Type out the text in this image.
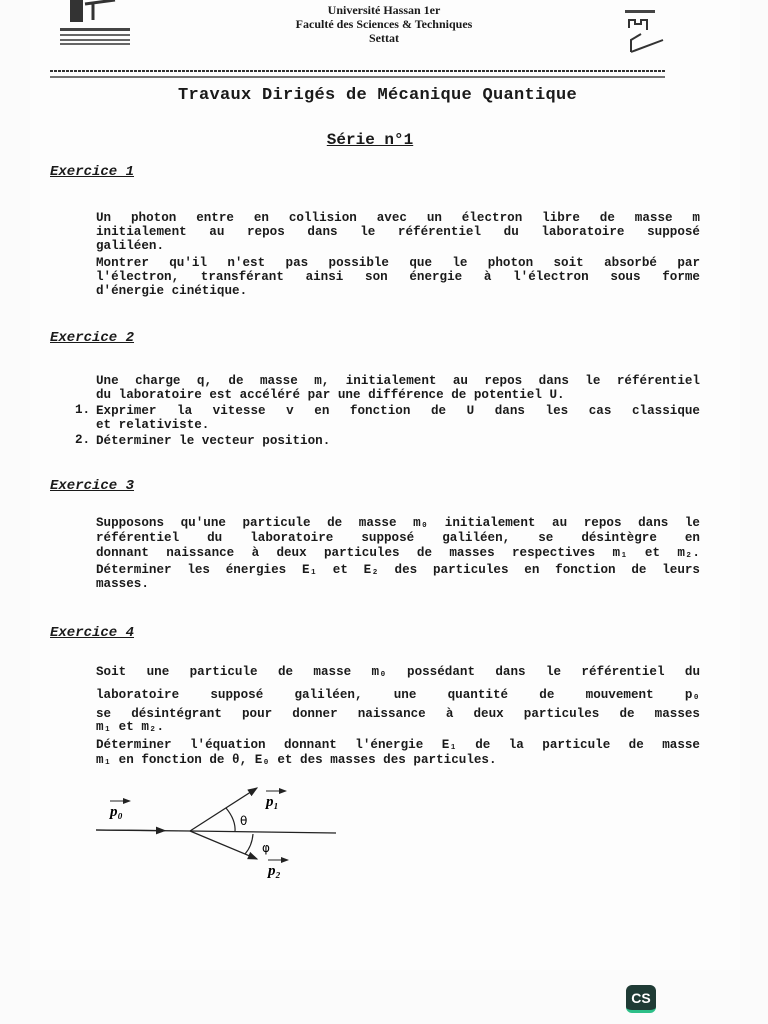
Université Hassan 1er
Faculté des Sciences & Techniques
Settat
Travaux Dirigés de Mécanique Quantique
Série n°1
Exercice 1
Un photon entre en collision avec un électron libre de masse m
initialement au repos dans le référentiel du laboratoire supposé
galiléen.
Montrer qu'il n'est pas possible que le photon soit absorbé par
l'électron, transférant ainsi son énergie à l'électron sous forme
d'énergie cinétique.
Exercice 2
Une charge q, de masse m, initialement au repos dans le référentiel
du laboratoire est accéléré par une différence de potentiel U.
1. Exprimer la vitesse v en fonction de U dans les cas classique
et relativiste.
2. Déterminer le vecteur position.
Exercice 3
Supposons qu'une particule de masse m₀ initialement au repos dans le
référentiel du laboratoire supposé galiléen, se désintègre en
donnant naissance à deux particules de masses respectives m₁ et m₂.
Déterminer les énergies E₁ et E₂ des particules en fonction de leurs
masses.
Exercice 4
Soit une particule de masse m₀ possédant dans le référentiel du
laboratoire supposé galiléen, une quantité de mouvement p₀
se désintégrant pour donner naissance à deux particules de masses
m₁ et m₂.
Déterminer l'équation donnant l'énergie E₁ de la particule de masse
m₁ en fonction de θ, E₀ et des masses des particules.
p₀
p₁
p₂
θ
φ
CS
